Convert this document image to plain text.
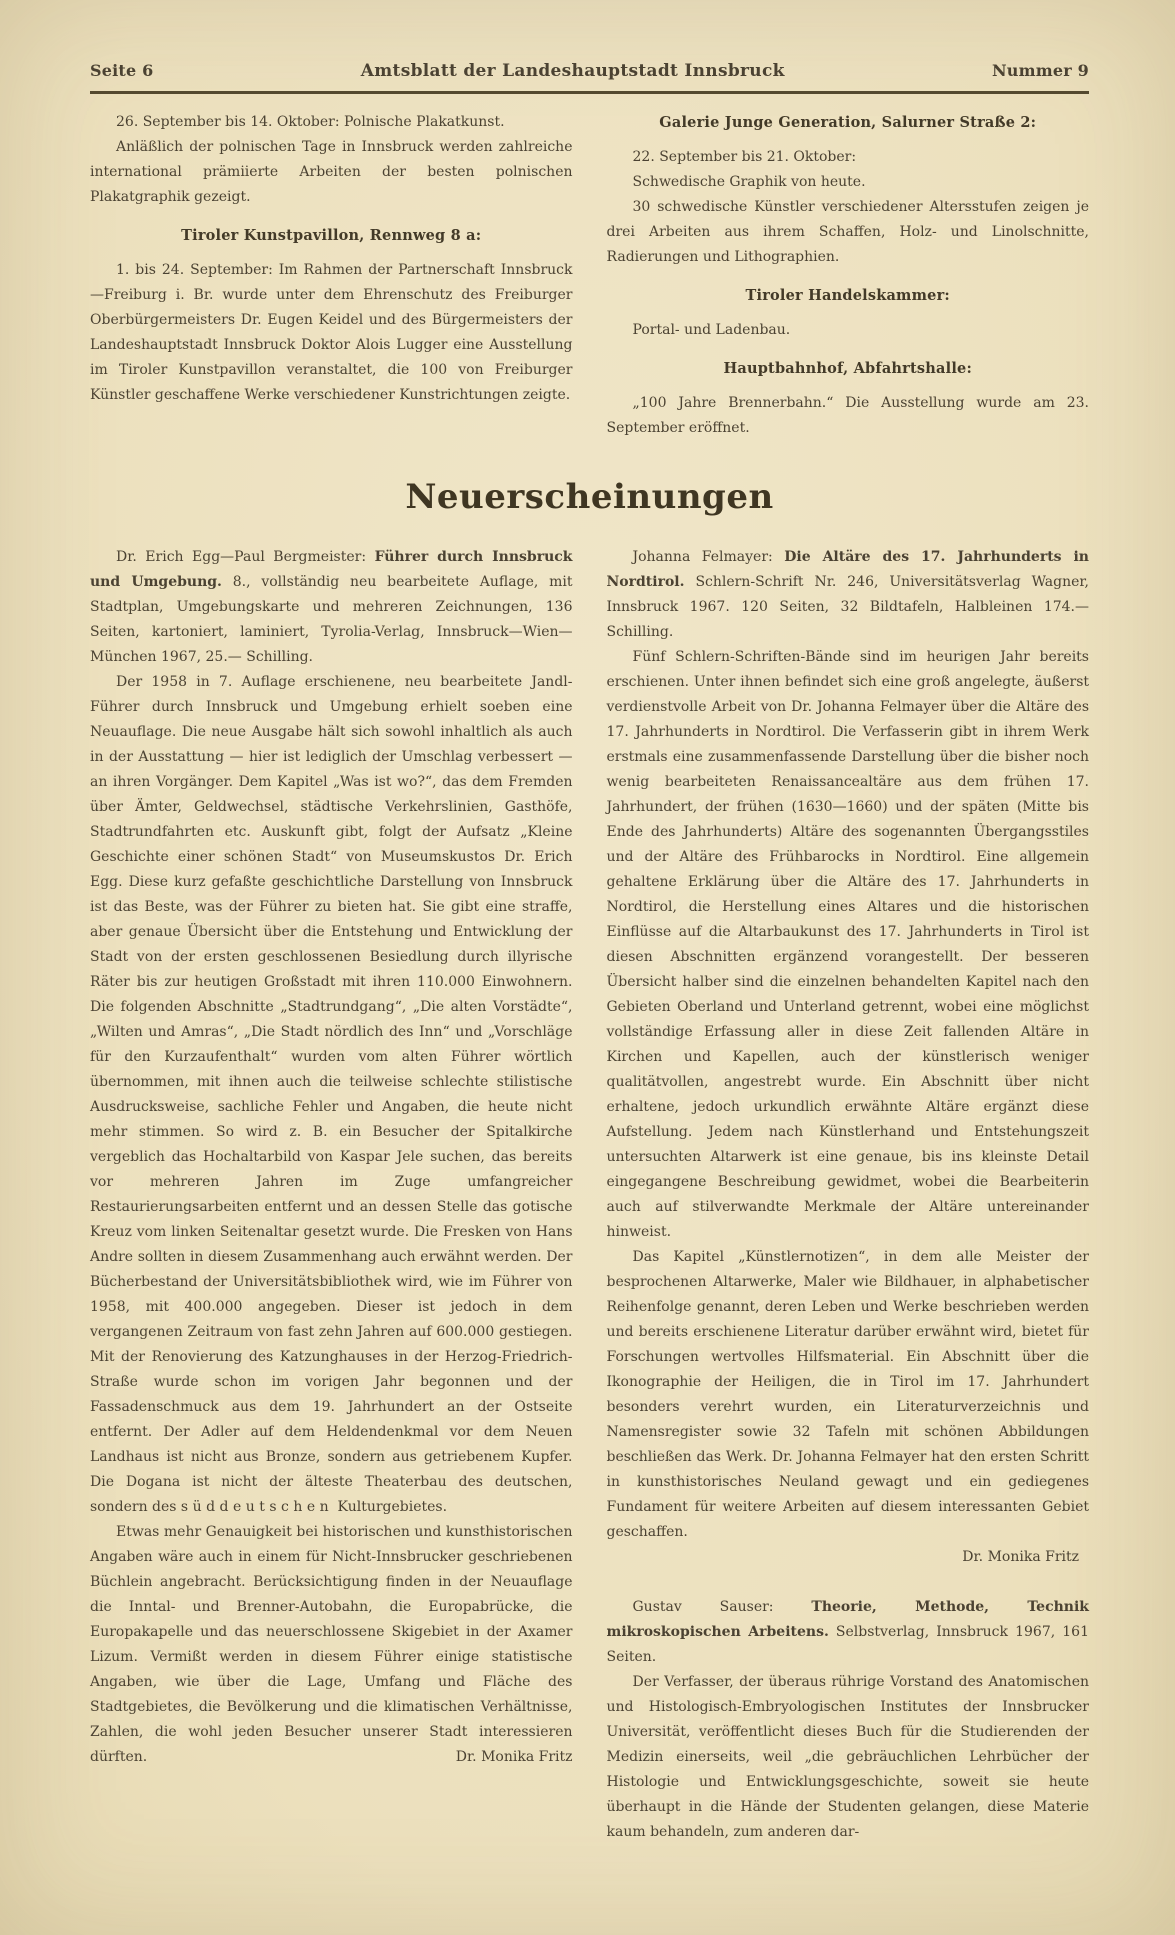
Seite 6	Amtsblatt der Landeshauptstadt Innsbruck	Nummer 9

26. September bis 14. Oktober: Polnische Plakatkunst.

Anläßlich der polnischen Tage in Innsbruck werden zahlreiche international prämiierte Arbeiten der besten polnischen Plakatgraphik gezeigt.

Tiroler Kunstpavillon, Rennweg 8 a:

1. bis 24. September: Im Rahmen der Partnerschaft Innsbruck—Freiburg i. Br. wurde unter dem Ehrenschutz des Freiburger Oberbürgermeisters Dr. Eugen Keidel und des Bürgermeisters der Landeshauptstadt Innsbruck Doktor Alois Lugger eine Ausstellung im Tiroler Kunstpavillon veranstaltet, die 100 von Freiburger Künstler geschaffene Werke verschiedener Kunstrichtungen zeigte.

Galerie Junge Generation, Salurner Straße 2:

22. September bis 21. Oktober:

Schwedische Graphik von heute.

30 schwedische Künstler verschiedener Altersstufen zeigen je drei Arbeiten aus ihrem Schaffen, Holz- und Linolschnitte, Radierungen und Lithographien.

Tiroler Handelskammer:

Portal- und Ladenbau.

Hauptbahnhof, Abfahrtshalle:

„100 Jahre Brennerbahn.“ Die Ausstellung wurde am 23. September eröffnet.

Neuerscheinungen

Dr. Erich Egg—Paul Bergmeister: Führer durch Innsbruck und Umgebung. 8., vollständig neu bearbeitete Auflage, mit Stadtplan, Umgebungskarte und mehreren Zeichnungen, 136 Seiten, kartoniert, laminiert, Tyrolia-Verlag, Innsbruck—Wien—München 1967, 25.— Schilling.

Der 1958 in 7. Auflage erschienene, neu bearbeitete Jandl-Führer durch Innsbruck und Umgebung erhielt soeben eine Neuauflage. Die neue Ausgabe hält sich sowohl inhaltlich als auch in der Ausstattung — hier ist lediglich der Umschlag verbessert — an ihren Vorgänger. Dem Kapitel „Was ist wo?“, das dem Fremden über Ämter, Geldwechsel, städtische Verkehrslinien, Gasthöfe, Stadtrundfahrten etc. Auskunft gibt, folgt der Aufsatz „Kleine Geschichte einer schönen Stadt“ von Museumskustos Dr. Erich Egg. Diese kurz gefaßte geschichtliche Darstellung von Innsbruck ist das Beste, was der Führer zu bieten hat. Sie gibt eine straffe, aber genaue Übersicht über die Entstehung und Entwicklung der Stadt von der ersten geschlossenen Besiedlung durch illyrische Räter bis zur heutigen Großstadt mit ihren 110.000 Einwohnern. Die folgenden Abschnitte „Stadtrundgang“, „Die alten Vorstädte“, „Wilten und Amras“, „Die Stadt nördlich des Inn“ und „Vorschläge für den Kurzaufenthalt“ wurden vom alten Führer wörtlich übernommen, mit ihnen auch die teilweise schlechte stilistische Ausdrucksweise, sachliche Fehler und Angaben, die heute nicht mehr stimmen. So wird z. B. ein Besucher der Spitalkirche vergeblich das Hochaltarbild von Kaspar Jele suchen, das bereits vor mehreren Jahren im Zuge umfangreicher Restaurierungsarbeiten entfernt und an dessen Stelle das gotische Kreuz vom linken Seitenaltar gesetzt wurde. Die Fresken von Hans Andre sollten in diesem Zusammenhang auch erwähnt werden. Der Bücherbestand der Universitätsbibliothek wird, wie im Führer von 1958, mit 400.000 angegeben. Dieser ist jedoch in dem vergangenen Zeitraum von fast zehn Jahren auf 600.000 gestiegen. Mit der Renovierung des Katzunghauses in der Herzog-Friedrich-Straße wurde schon im vorigen Jahr begonnen und der Fassadenschmuck aus dem 19. Jahrhundert an der Ostseite entfernt. Der Adler auf dem Heldendenkmal vor dem Neuen Landhaus ist nicht aus Bronze, sondern aus getriebenem Kupfer. Die Dogana ist nicht der älteste Theaterbau des deutschen, sondern des süddeutschen Kulturgebietes.

Etwas mehr Genauigkeit bei historischen und kunsthistorischen Angaben wäre auch in einem für Nicht-Innsbrucker geschriebenen Büchlein angebracht. Berücksichtigung finden in der Neuauflage die Inntal- und Brenner-Autobahn, die Europabrücke, die Europakapelle und das neuerschlossene Skigebiet in der Axamer Lizum. Vermißt werden in diesem Führer einige statistische Angaben, wie über die Lage, Umfang und Fläche des Stadtgebietes, die Bevölkerung und die klimatischen Verhältnisse, Zahlen, die wohl jeden Besucher unserer Stadt interessieren dürften.	Dr. Monika Fritz

Johanna Felmayer: Die Altäre des 17. Jahrhunderts in Nordtirol. Schlern-Schrift Nr. 246, Universitätsverlag Wagner, Innsbruck 1967. 120 Seiten, 32 Bildtafeln, Halbleinen 174.— Schilling.

Fünf Schlern-Schriften-Bände sind im heurigen Jahr bereits erschienen. Unter ihnen befindet sich eine groß angelegte, äußerst verdienstvolle Arbeit von Dr. Johanna Felmayer über die Altäre des 17. Jahrhunderts in Nordtirol. Die Verfasserin gibt in ihrem Werk erstmals eine zusammenfassende Darstellung über die bisher noch wenig bearbeiteten Renaissancealtäre aus dem frühen 17. Jahrhundert, der frühen (1630—1660) und der späten (Mitte bis Ende des Jahrhunderts) Altäre des sogenannten Übergangsstiles und der Altäre des Frühbarocks in Nordtirol. Eine allgemein gehaltene Erklärung über die Altäre des 17. Jahrhunderts in Nordtirol, die Herstellung eines Altares und die historischen Einflüsse auf die Altarbaukunst des 17. Jahrhunderts in Tirol ist diesen Abschnitten ergänzend vorangestellt. Der besseren Übersicht halber sind die einzelnen behandelten Kapitel nach den Gebieten Oberland und Unterland getrennt, wobei eine möglichst vollständige Erfassung aller in diese Zeit fallenden Altäre in Kirchen und Kapellen, auch der künstlerisch weniger qualitätvollen, angestrebt wurde. Ein Abschnitt über nicht erhaltene, jedoch urkundlich erwähnte Altäre ergänzt diese Aufstellung. Jedem nach Künstlerhand und Entstehungszeit untersuchten Altarwerk ist eine genaue, bis ins kleinste Detail eingegangene Beschreibung gewidmet, wobei die Bearbeiterin auch auf stilverwandte Merkmale der Altäre untereinander hinweist.

Das Kapitel „Künstlernotizen“, in dem alle Meister der besprochenen Altarwerke, Maler wie Bildhauer, in alphabetischer Reihenfolge genannt, deren Leben und Werke beschrieben werden und bereits erschienene Literatur darüber erwähnt wird, bietet für Forschungen wertvolles Hilfsmaterial. Ein Abschnitt über die Ikonographie der Heiligen, die in Tirol im 17. Jahrhundert besonders verehrt wurden, ein Literaturverzeichnis und Namensregister sowie 32 Tafeln mit schönen Abbildungen beschließen das Werk. Dr. Johanna Felmayer hat den ersten Schritt in kunsthistorisches Neuland gewagt und ein gediegenes Fundament für weitere Arbeiten auf diesem interessanten Gebiet geschaffen.

Dr. Monika Fritz

Gustav Sauser: Theorie, Methode, Technik mikroskopischen Arbeitens. Selbstverlag, Innsbruck 1967, 161 Seiten.

Der Verfasser, der überaus rührige Vorstand des Anatomischen und Histologisch-Embryologischen Institutes der Innsbrucker Universität, veröffentlicht dieses Buch für die Studierenden der Medizin einerseits, weil „die gebräuchlichen Lehrbücher der Histologie und Entwicklungsgeschichte, soweit sie heute überhaupt in die Hände der Studenten gelangen, diese Materie kaum behandeln, zum anderen dar-
